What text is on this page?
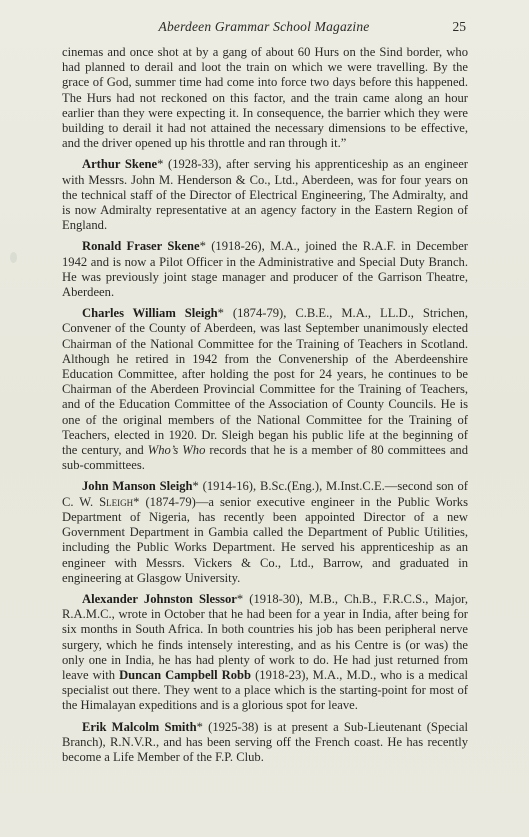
Aberdeen Grammar School Magazine	25

cinemas and once shot at by a gang of about 60 Hurs on the Sind border, who had planned to derail and loot the train on which we were travelling. By the grace of God, summer time had come into force two days before this happened. The Hurs had not reckoned on this factor, and the train came along an hour earlier than they were expecting it. In consequence, the barrier which they were building to derail it had not attained the necessary dimensions to be effective, and the driver opened up his throttle and ran through it.”

Arthur Skene* (1928-33), after serving his apprenticeship as an engineer with Messrs. John M. Henderson & Co., Ltd., Aberdeen, was for four years on the technical staff of the Director of Electrical Engineering, The Admiralty, and is now Admiralty representative at an agency factory in the Eastern Region of England.

Ronald Fraser Skene* (1918-26), M.A., joined the R.A.F. in December 1942 and is now a Pilot Officer in the Administrative and Special Duty Branch. He was previously joint stage manager and producer of the Garrison Theatre, Aberdeen.

Charles William Sleigh* (1874-79), C.B.E., M.A., LL.D., Strichen, Convener of the County of Aberdeen, was last September unanimously elected Chairman of the National Committee for the Training of Teachers in Scotland. Although he retired in 1942 from the Convenership of the Aberdeenshire Education Committee, after holding the post for 24 years, he continues to be Chairman of the Aberdeen Provincial Committee for the Training of Teachers, and of the Education Committee of the Association of County Councils. He is one of the original members of the National Committee for the Training of Teachers, elected in 1920. Dr. Sleigh began his public life at the beginning of the century, and Who’s Who records that he is a member of 80 committees and sub-committees.

John Manson Sleigh* (1914-16), B.Sc.(Eng.), M.Inst.C.E.—second son of C. W. Sleigh* (1874-79)—a senior executive engineer in the Public Works Department of Nigeria, has recently been appointed Director of a new Government Department in Gambia called the Department of Public Utilities, including the Public Works Department. He served his apprenticeship as an engineer with Messrs. Vickers & Co., Ltd., Barrow, and graduated in engineering at Glasgow University.

Alexander Johnston Slessor* (1918-30), M.B., Ch.B., F.R.C.S., Major, R.A.M.C., wrote in October that he had been for a year in India, after being for six months in South Africa. In both countries his job has been peripheral nerve surgery, which he finds intensely interesting, and as his Centre is (or was) the only one in India, he has had plenty of work to do. He had just returned from leave with Duncan Campbell Robb (1918-23), M.A., M.D., who is a medical specialist out there. They went to a place which is the starting-point for most of the Himalayan expeditions and is a glorious spot for leave.

Erik Malcolm Smith* (1925-38) is at present a Sub-Lieutenant (Special Branch), R.N.V.R., and has been serving off the French coast. He has recently become a Life Member of the F.P. Club.
